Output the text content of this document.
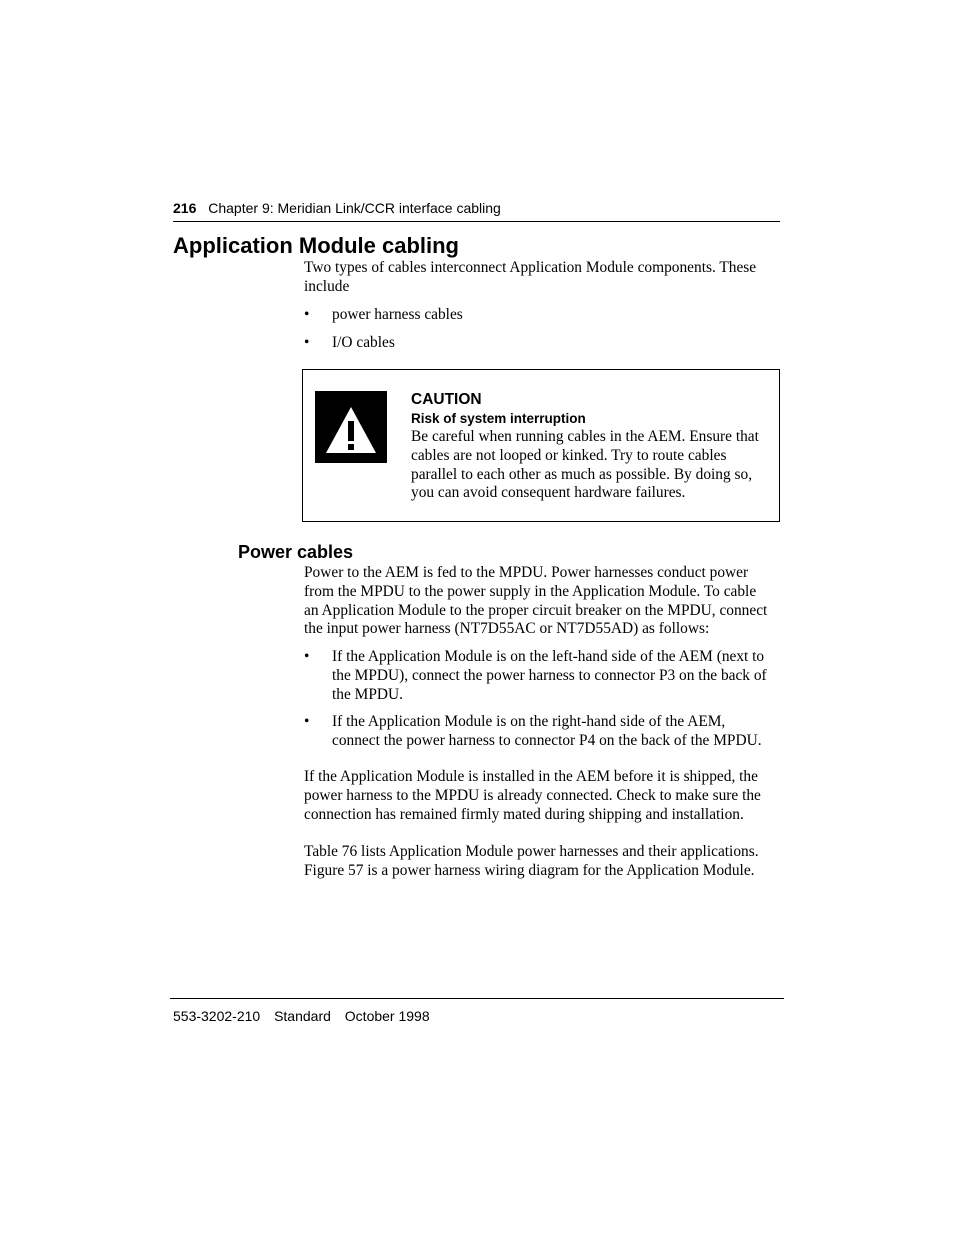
216 Chapter 9: Meridian Link/CCR interface cabling
Application Module cabling

Two types of cables interconnect Application Module components. These include

• power harness cables
• I/O cables
CAUTION
Risk of system interruption
Be careful when running cables in the AEM. Ensure that
cables are not looped or kinked. Try to route cables
parallel to each other as much as possible. By doing so,
you can avoid consequent hardware failures.
Power cables
Power to the AEM is fed to the MPDU. Power harnesses conduct power
from the MPDU to the power supply in the Application Module. To cable
an Application Module to the proper circuit breaker on the MPDU, connect
the input power harness (NT7D55AC or NT7D55AD) as follows:
• If the Application Module is on the left-hand side of the AEM (next to
the MPDU), connect the power harness to connector P3 on the back of
the MPDU.
• If the Application Module is on the right-hand side of the AEM,
connect the power harness to connector P4 on the back of the MPDU.
If the Application Module is installed in the AEM before it is shipped, the
power harness to the MPDU is already connected. Check to make sure the
connection has remained firmly mated during shipping and installation.
Table 76 lists Application Module power harnesses and their applications.
Figure 57 is a power harness wiring diagram for the Application Module.
553-3202-210 Standard October 1998
